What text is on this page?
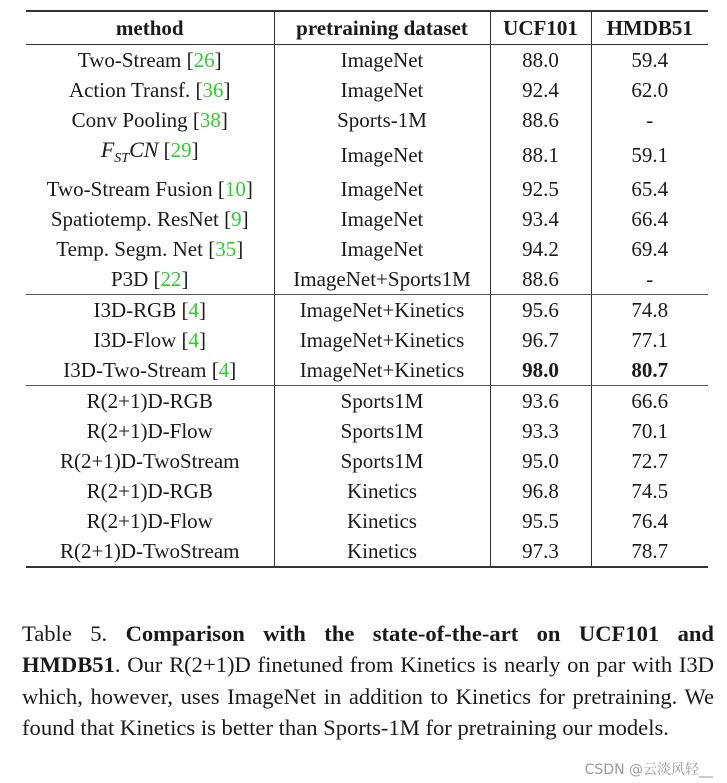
method	pretraining dataset	UCF101	HMDB51
Two-Stream [26]	ImageNet	88.0	59.4
Action Transf. [36]	ImageNet	92.4	62.0
Conv Pooling [38]	Sports-1M	88.6	-
$F_{ST}CN$ [29]	ImageNet	88.1	59.1
Two-Stream Fusion [10]	ImageNet	92.5	65.4
Spatiotemp. ResNet [9]	ImageNet	93.4	66.4
Temp. Segm. Net [35]	ImageNet	94.2	69.4
P3D [22]	ImageNet+Sports1M	88.6	-
I3D-RGB [4]	ImageNet+Kinetics	95.6	74.8
I3D-Flow [4]	ImageNet+Kinetics	96.7	77.1
I3D-Two-Stream [4]	ImageNet+Kinetics	98.0	80.7
R(2+1)D-RGB	Sports1M	93.6	66.6
R(2+1)D-Flow	Sports1M	93.3	70.1
R(2+1)D-TwoStream	Sports1M	95.0	72.7
R(2+1)D-RGB	Kinetics	96.8	74.5
R(2+1)D-Flow	Kinetics	95.5	76.4
R(2+1)D-TwoStream	Kinetics	97.3	78.7

Table 5. Comparison with the state-of-the-art on UCF101 and HMDB51. Our R(2+1)D finetuned from Kinetics is nearly on par with I3D which, however, uses ImageNet in addition to Kinetics for pretraining. We found that Kinetics is better than Sports-1M for pretraining our models.

CSDN @云淡风轻__
